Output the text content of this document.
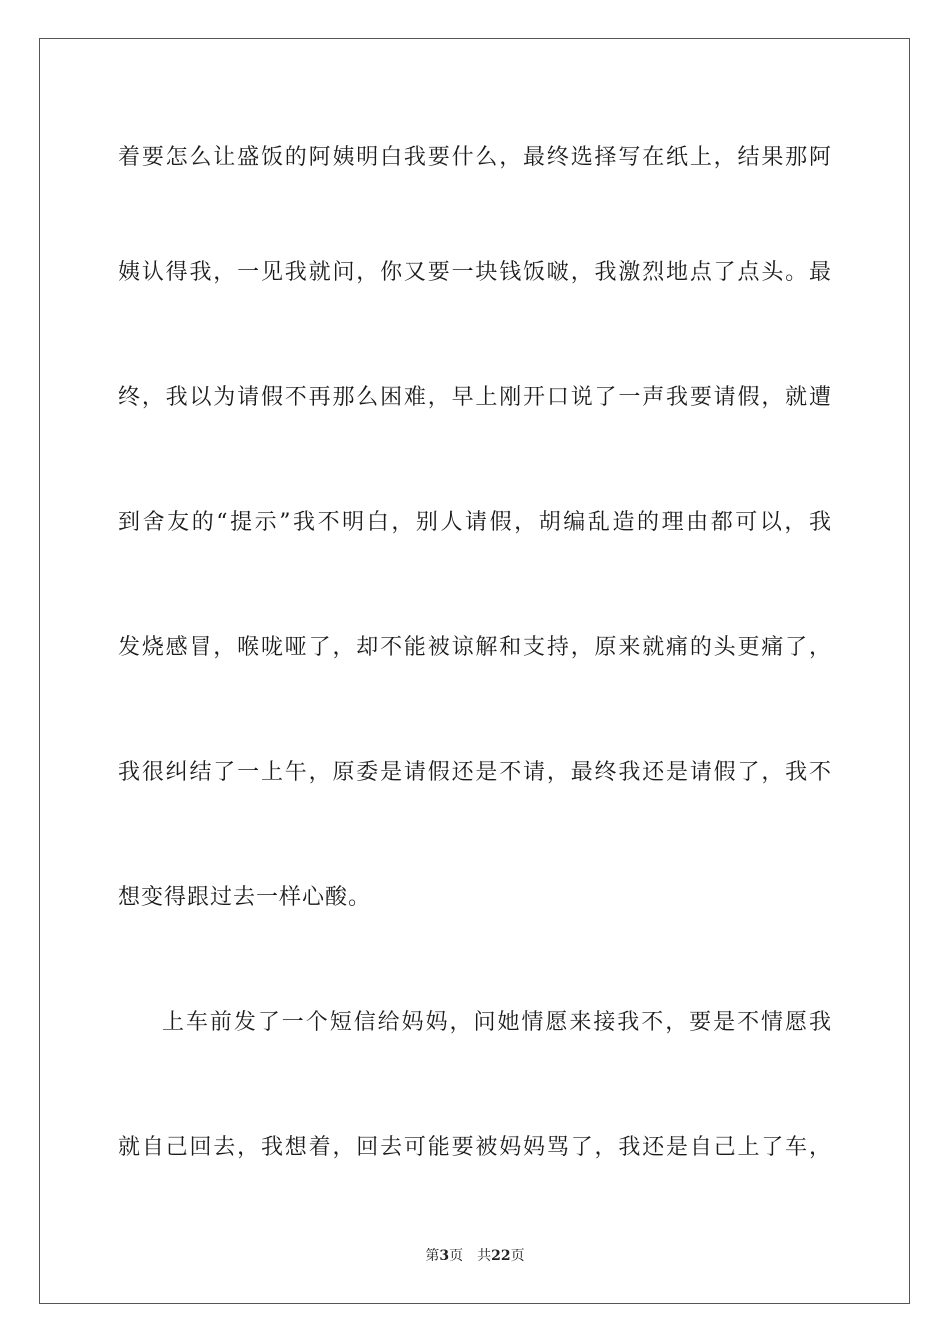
着要怎么让盛饭的阿姨明白我要什么，最终选择写在纸上，结果那阿
姨认得我，一见我就问，你又要一块钱饭啵，我激烈地点了点头。最
终，我以为请假不再那么困难，早上刚开口说了一声我要请假，就遭
到舍友的“提示”我不明白，别人请假，胡编乱造的理由都可以，我
发烧感冒，喉咙哑了，却不能被谅解和支持，原来就痛的头更痛了，
我很纠结了一上午，原委是请假还是不请，最终我还是请假了，我不
想变得跟过去一样心酸。
上车前发了一个短信给妈妈，问她情愿来接我不，要是不情愿我
就自己回去，我想着，回去可能要被妈妈骂了，我还是自己上了车，
第3页 共22页
